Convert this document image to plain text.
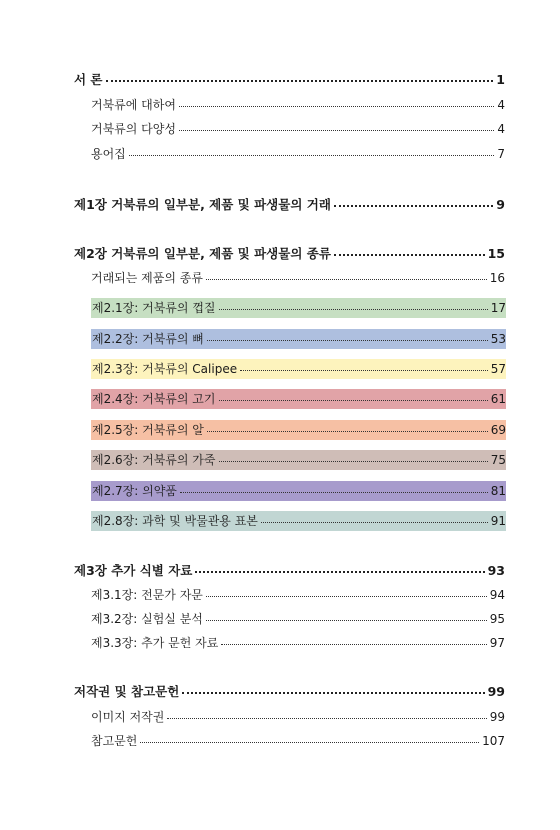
서 론	1
거북류에 대하여	4
거북류의 다양성	4
용어집	7
제1장 거북류의 일부분, 제품 및 파생물의 거래	9
제2장 거북류의 일부분, 제품 및 파생물의 종류	15
거래되는 제품의 종류	16
제2.1장: 거북류의 껍질	17
제2.2장: 거북류의 뼈	53
제2.3장: 거북류의 Calipee	57
제2.4장: 거북류의 고기	61
제2.5장: 거북류의 알	69
제2.6장: 거북류의 가죽	75
제2.7장: 의약품	81
제2.8장: 과학 및 박물관용 표본	91
제3장 추가 식별 자료	93
제3.1장: 전문가 자문	94
제3.2장: 실험실 분석	95
제3.3장: 추가 문헌 자료	97
저작권 및 참고문헌	99
이미지 저작권	99
참고문헌	107
